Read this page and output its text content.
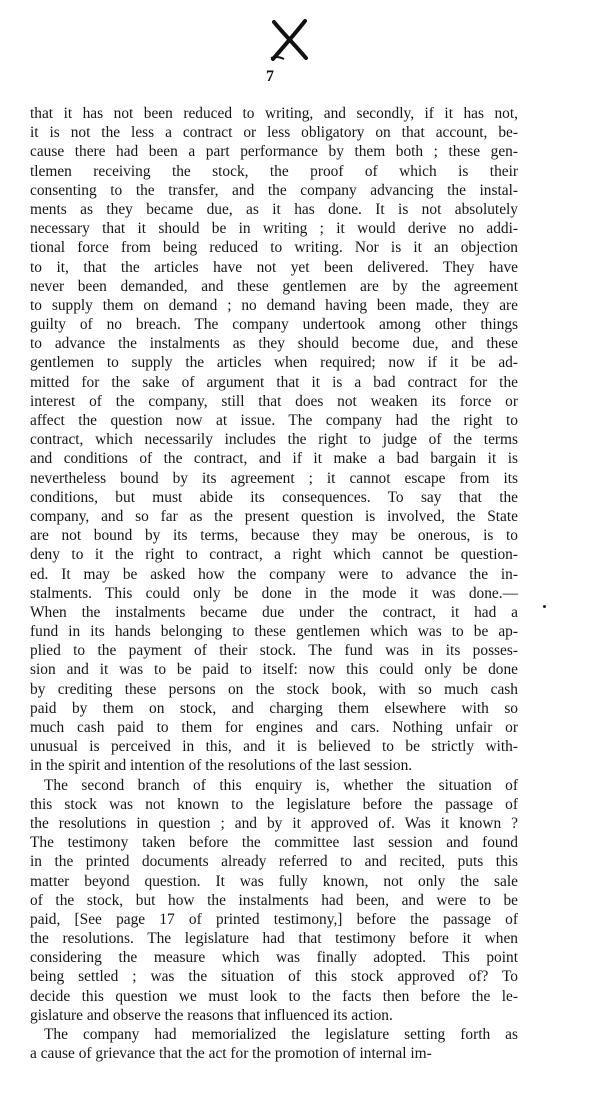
7
that it has not been reduced to writing, and secondly, if it has not,
it is not the less a contract or less obligatory on that account, be-
cause there had been a part performance by them both ; these gen-
tlemen receiving the stock, the proof of which is their
consenting to the transfer, and the company advancing the instal-
ments as they became due, as it has done. It is not absolutely
necessary that it should be in writing ; it would derive no addi-
tional force from being reduced to writing. Nor is it an objection
to it, that the articles have not yet been delivered. They have
never been demanded, and these gentlemen are by the agreement
to supply them on demand ; no demand having been made, they are
guilty of no breach. The company undertook among other things
to advance the instalments as they should become due, and these
gentlemen to supply the articles when required; now if it be ad-
mitted for the sake of argument that it is a bad contract for the
interest of the company, still that does not weaken its force or
affect the question now at issue. The company had the right to
contract, which necessarily includes the right to judge of the terms
and conditions of the contract, and if it make a bad bargain it is
nevertheless bound by its agreement ; it cannot escape from its
conditions, but must abide its consequences. To say that the
company, and so far as the present question is involved, the State
are not bound by its terms, because they may be onerous, is to
deny to it the right to contract, a right which cannot be question-
ed. It may be asked how the company were to advance the in-
stalments. This could only be done in the mode it was done.—
When the instalments became due under the contract, it had a
fund in its hands belonging to these gentlemen which was to be ap-
plied to the payment of their stock. The fund was in its posses-
sion and it was to be paid to itself: now this could only be done
by crediting these persons on the stock book, with so much cash
paid by them on stock, and charging them elsewhere with so
much cash paid to them for engines and cars. Nothing unfair or
unusual is perceived in this, and it is believed to be strictly with-
in the spirit and intention of the resolutions of the last session.
The second branch of this enquiry is, whether the situation of
this stock was not known to the legislature before the passage of
the resolutions in question ; and by it approved of. Was it known ?
The testimony taken before the committee last session and found
in the printed documents already referred to and recited, puts this
matter beyond question. It was fully known, not only the sale
of the stock, but how the instalments had been, and were to be
paid, [See page 17 of printed testimony,] before the passage of
the resolutions. The legislature had that testimony before it when
considering the measure which was finally adopted. This point
being settled ; was the situation of this stock approved of? To
decide this question we must look to the facts then before the le-
gislature and observe the reasons that influenced its action.
The company had memorialized the legislature setting forth as
a cause of grievance that the act for the promotion of internal im-
